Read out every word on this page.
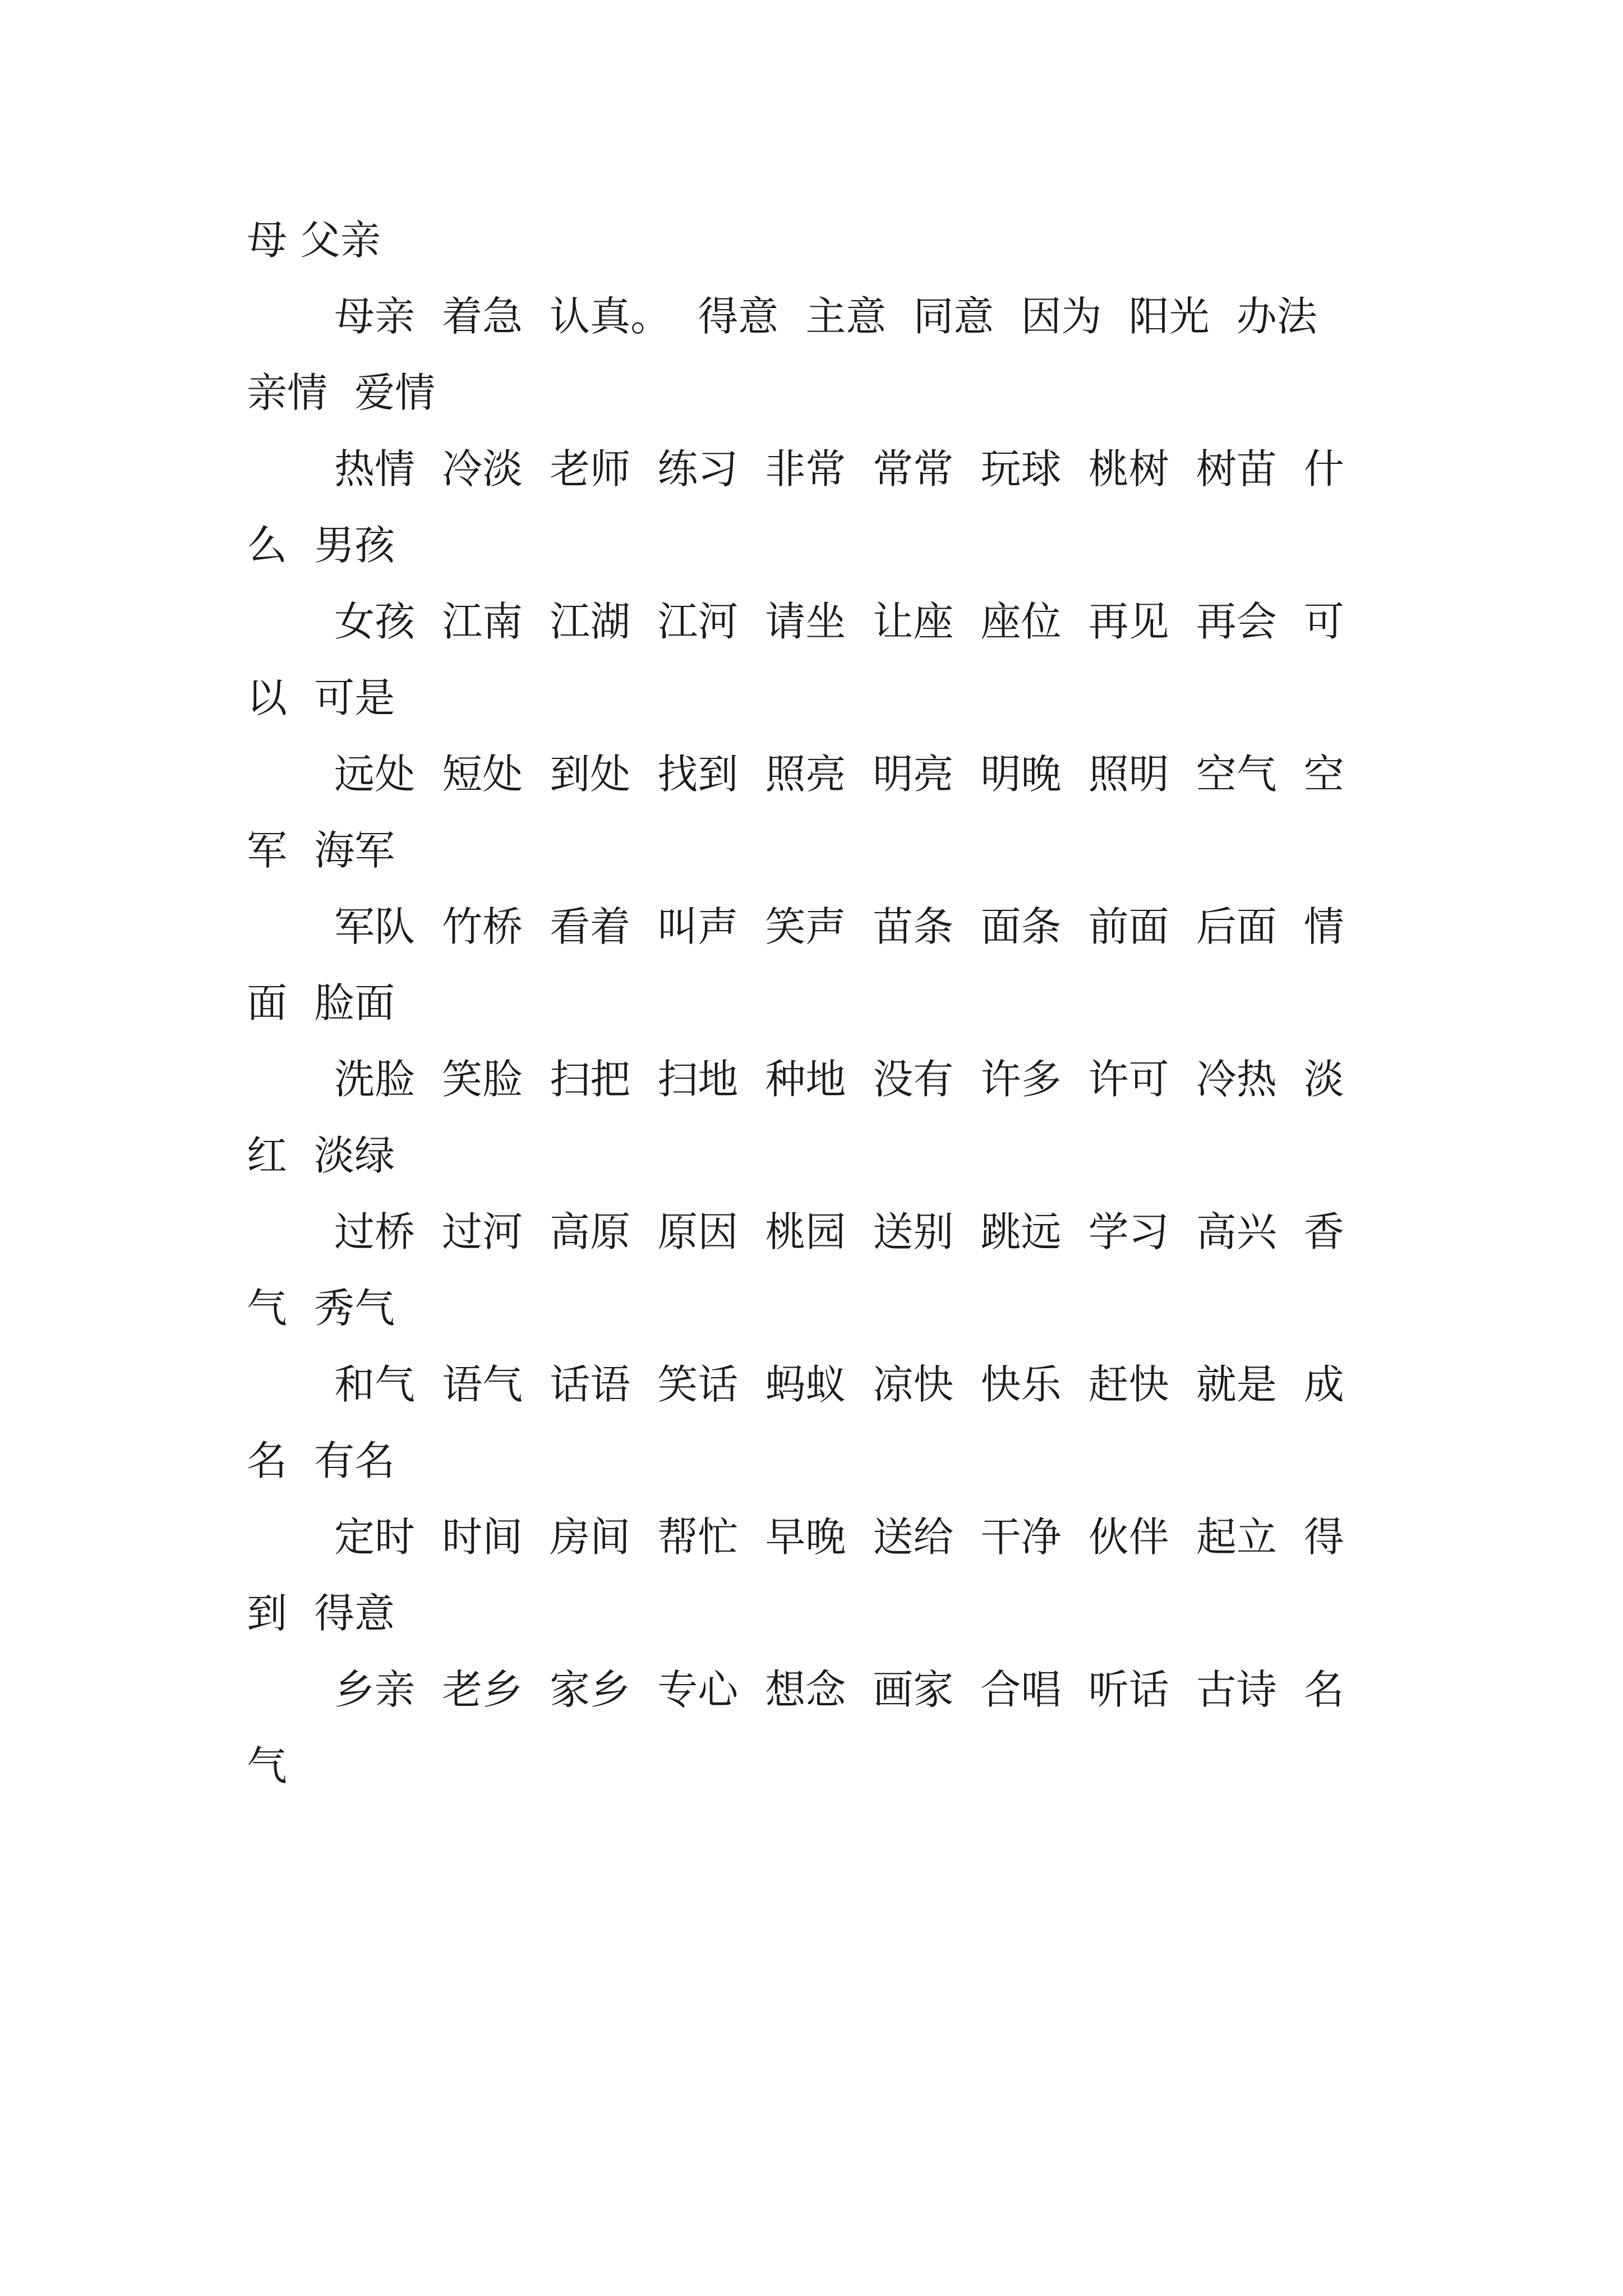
母 父亲

母亲 着急 认真。 得意 主意 同意 因为 阳光 办法

亲情 爱情

热情 冷淡 老师 练习 非常 常常 玩球 桃树 树苗 什

么 男孩

女孩 江南 江湖 江河 请坐 让座 座位 再见 再会 可

以 可是

远处 短处 到处 找到 照亮 明亮 明晚 照明 空气 空

军 海军

军队 竹桥 看着 叫声 笑声 苗条 面条 前面 后面 情

面 脸面

洗脸 笑脸 扫把 扫地 种地 没有 许多 许可 冷热 淡

红 淡绿

过桥 过河 高原 原因 桃园 送别 跳远 学习 高兴 香

气 秀气

和气 语气 话语 笑话 蚂蚁 凉快 快乐 赶快 就是 成

名 有名

定时 时间 房间 帮忙 早晚 送给 干净 伙伴 起立 得

到 得意

乡亲 老乡 家乡 专心 想念 画家 合唱 听话 古诗 名

气
